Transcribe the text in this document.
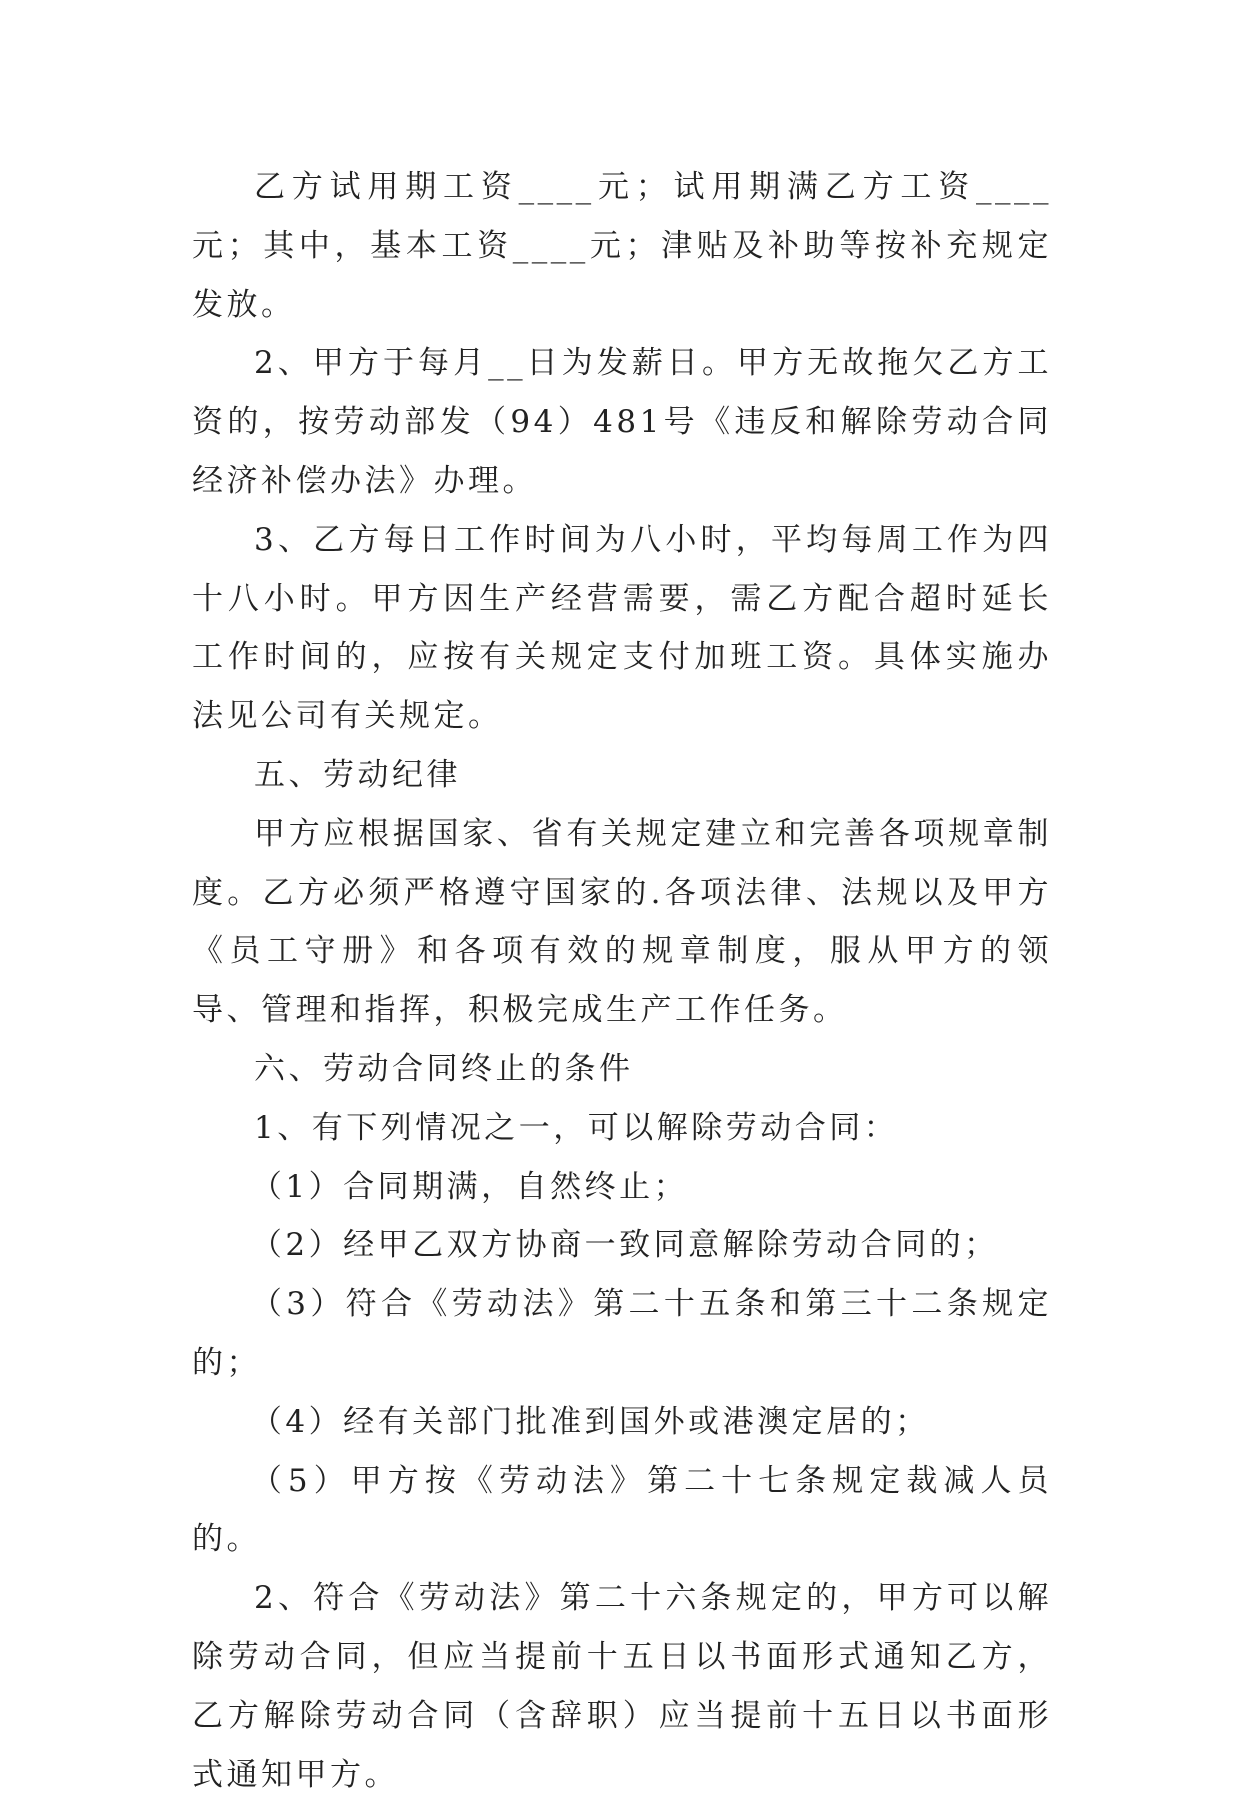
乙方试用期工资____元；试用期满乙方工资____元；其中，基本工资____元；津贴及补助等按补充规定发放。

2、甲方于每月__日为发薪日。甲方无故拖欠乙方工资的，按劳动部发（94）481号《违反和解除劳动合同经济补偿办法》办理。

3、乙方每日工作时间为八小时，平均每周工作为四十八小时。甲方因生产经营需要，需乙方配合超时延长工作时间的，应按有关规定支付加班工资。具体实施办法见公司有关规定。

五、劳动纪律

甲方应根据国家、省有关规定建立和完善各项规章制度。乙方必须严格遵守国家的.各项法律、法规以及甲方《员工守册》和各项有效的规章制度，服从甲方的领导、管理和指挥，积极完成生产工作任务。

六、劳动合同终止的条件

1、有下列情况之一，可以解除劳动合同：

（1）合同期满，自然终止；

（2）经甲乙双方协商一致同意解除劳动合同的；

（3）符合《劳动法》第二十五条和第三十二条规定的；

（4）经有关部门批准到国外或港澳定居的；

（5）甲方按《劳动法》第二十七条规定裁减人员的。

2、符合《劳动法》第二十六条规定的，甲方可以解除劳动合同，但应当提前十五日以书面形式通知乙方，乙方解除劳动合同（含辞职）应当提前十五日以书面形式通知甲方。
